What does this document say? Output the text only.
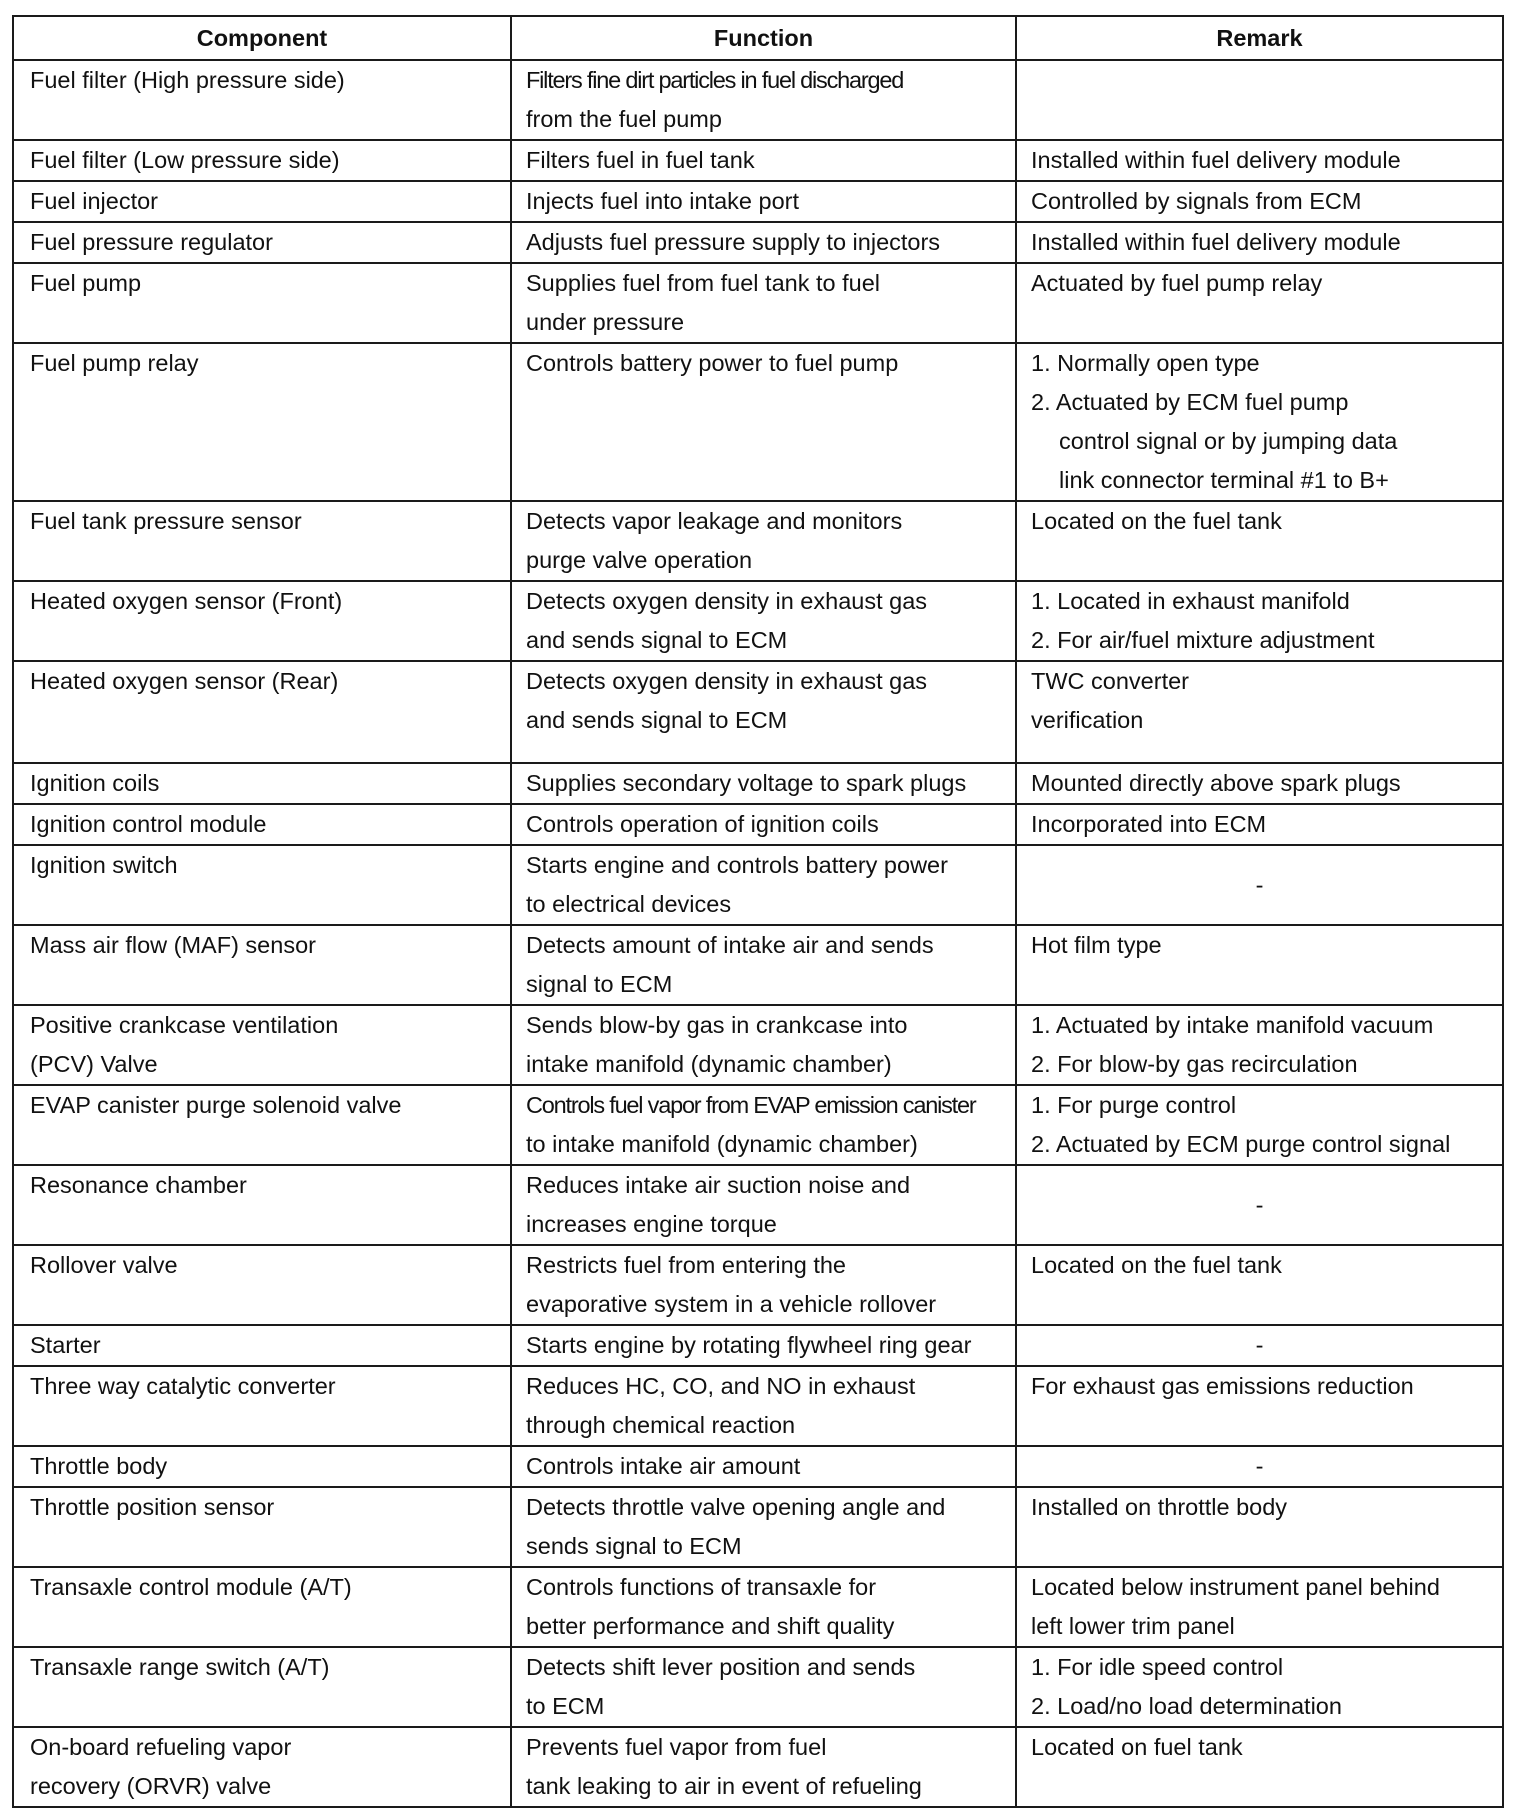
Component	Function	Remark

Fuel filter (High pressure side)	Filters fine dirt particles in fuel discharged
from the fuel pump	

Fuel filter (Low pressure side)	Filters fuel in fuel tank	Installed within fuel delivery module

Fuel injector	Injects fuel into intake port	Controlled by signals from ECM

Fuel pressure regulator	Adjusts fuel pressure supply to injectors	Installed within fuel delivery module

Fuel pump	Supplies fuel from fuel tank to fuel
under pressure	Actuated by fuel pump relay

Fuel pump relay	Controls battery power to fuel pump	1. Normally open type
2. Actuated by ECM fuel pump
control signal or by jumping data
link connector terminal #1 to B+

Fuel tank pressure sensor	Detects vapor leakage and monitors
purge valve operation	Located on the fuel tank

Heated oxygen sensor (Front)	Detects oxygen density in exhaust gas
and sends signal to ECM	1. Located in exhaust manifold
2. For air/fuel mixture adjustment

Heated oxygen sensor (Rear)	Detects oxygen density in exhaust gas
and sends signal to ECM	TWC converter
verification

Ignition coils	Supplies secondary voltage to spark plugs	Mounted directly above spark plugs

Ignition control module	Controls operation of ignition coils	Incorporated into ECM

Ignition switch	Starts engine and controls battery power
to electrical devices	-

Mass air flow (MAF) sensor	Detects amount of intake air and sends
signal to ECM	Hot film type

Positive crankcase ventilation
(PCV) Valve	Sends blow-by gas in crankcase into
intake manifold (dynamic chamber)	1. Actuated by intake manifold vacuum
2. For blow-by gas recirculation

EVAP canister purge solenoid valve	Controls fuel vapor from EVAP emission canister
to intake manifold (dynamic chamber)	1. For purge control
2. Actuated by ECM purge control signal

Resonance chamber	Reduces intake air suction noise and
increases engine torque	-

Rollover valve	Restricts fuel from entering the
evaporative system in a vehicle rollover	Located on the fuel tank

Starter	Starts engine by rotating flywheel ring gear	-

Three way catalytic converter	Reduces HC, CO, and NO in exhaust
through chemical reaction	For exhaust gas emissions reduction

Throttle body	Controls intake air amount	-

Throttle position sensor	Detects throttle valve opening angle and
sends signal to ECM	Installed on throttle body

Transaxle control module (A/T)	Controls functions of transaxle for
better performance and shift quality	Located below instrument panel behind
left lower trim panel

Transaxle range switch (A/T)	Detects shift lever position and sends
to ECM	1. For idle speed control
2. Load/no load determination

On-board refueling vapor
recovery (ORVR) valve	Prevents fuel vapor from fuel
tank leaking to air in event of refueling	Located on fuel tank
